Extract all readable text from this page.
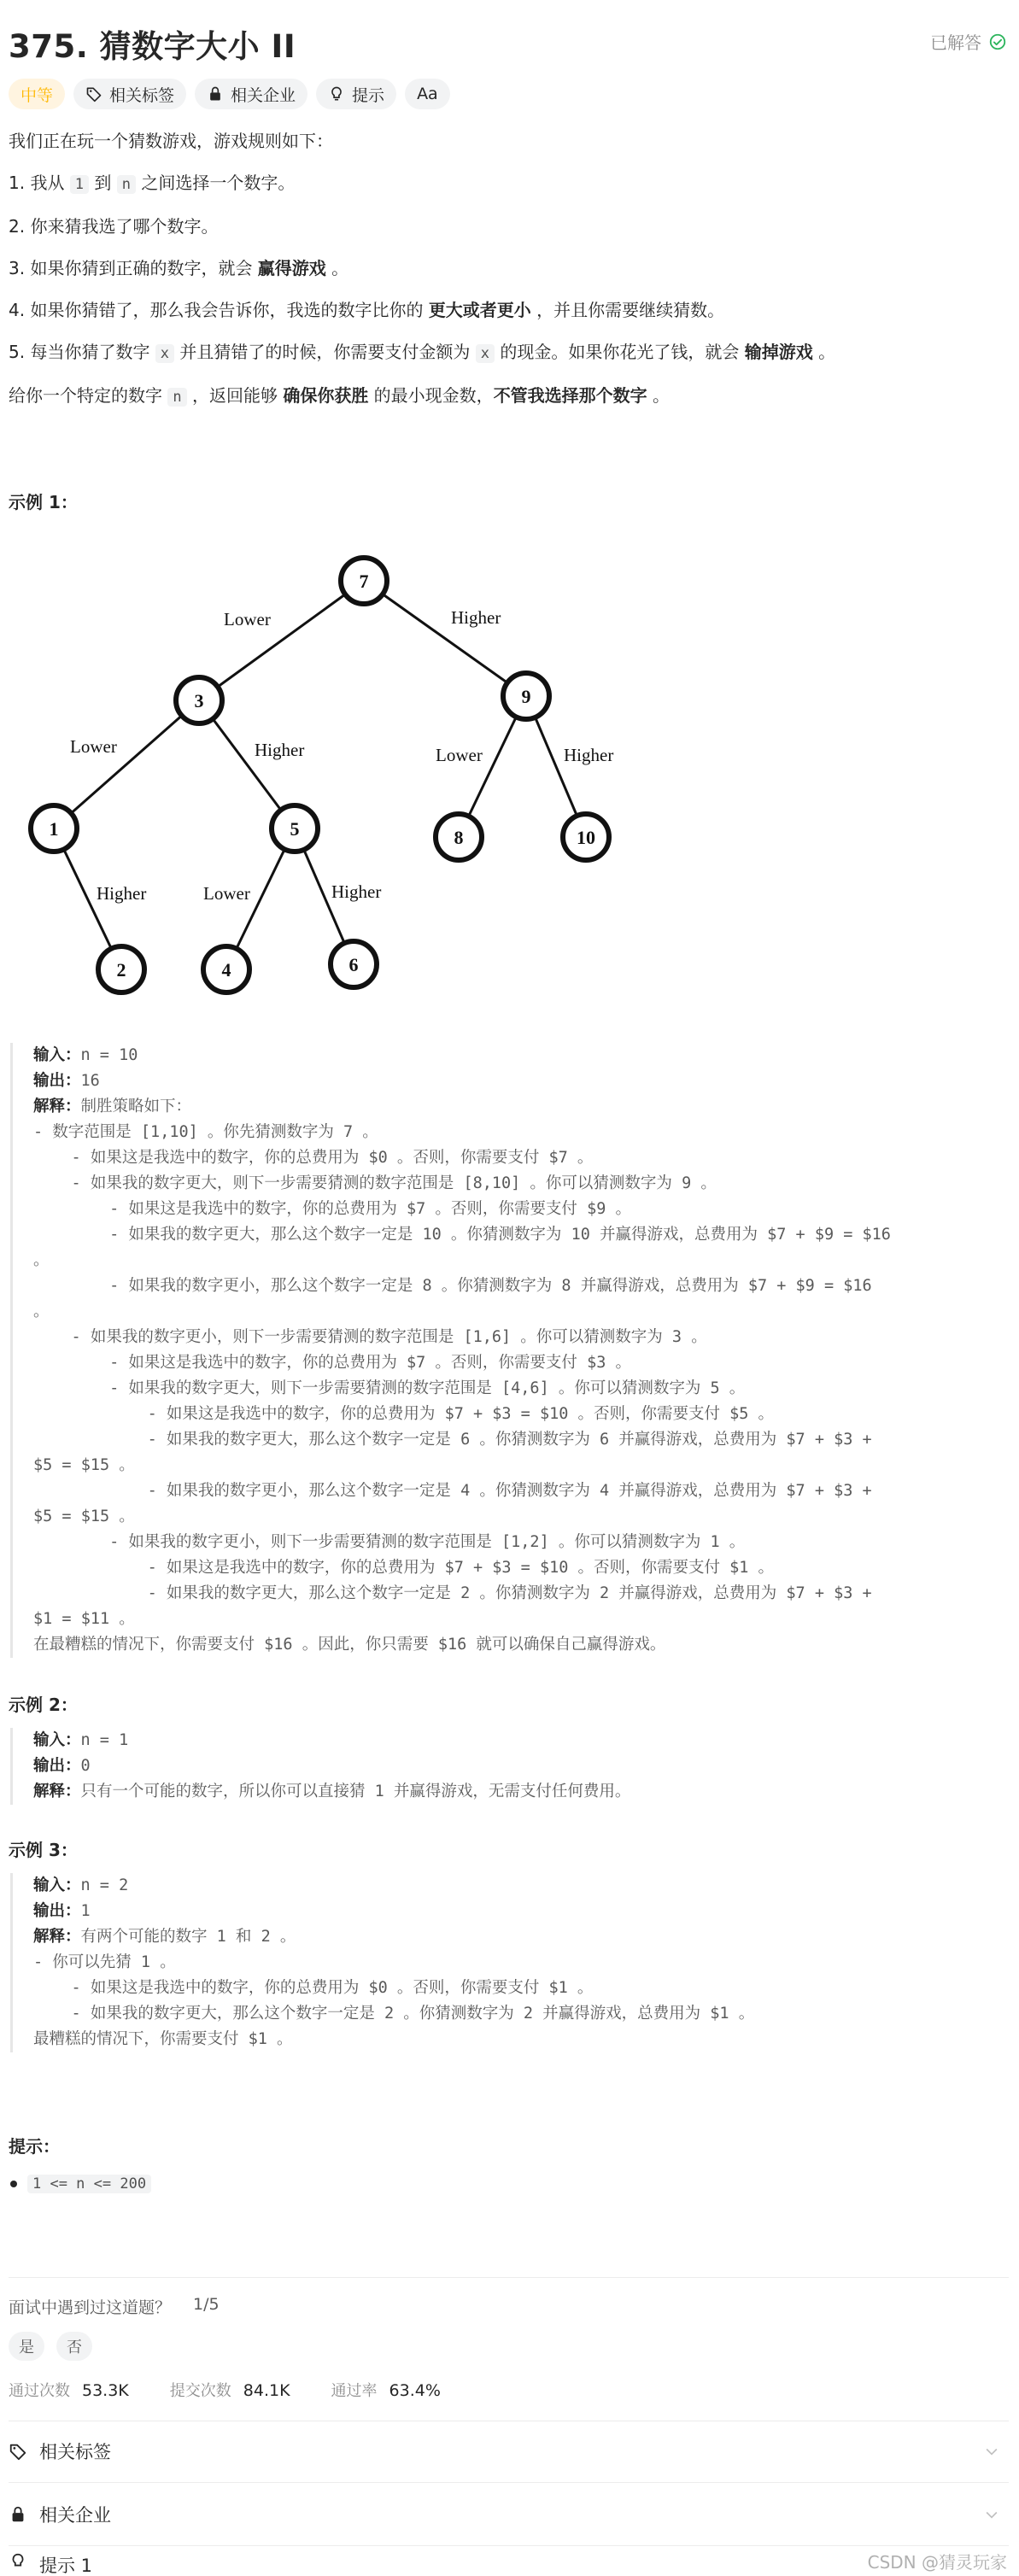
375. 猜数字大小 II	已解答
中等	相关标签	相关企业	提示	Aa

我们正在玩一个猜数游戏，游戏规则如下：

1. 我从 1 到 n 之间选择一个数字。

2. 你来猜我选了哪个数字。

3. 如果你猜到正确的数字，就会 赢得游戏 。

4. 如果你猜错了，那么我会告诉你，我选的数字比你的 更大或者更小 ，并且你需要继续猜数。

5. 每当你猜了数字 x 并且猜错了的时候，你需要支付金额为 x 的现金。如果你花光了钱，就会 输掉游戏 。

给你一个特定的数字 n ，返回能够 确保你获胜 的最小现金数，不管我选择那个数字 。

示例 1：
Lower	Higher
Lower	Higher	Lower	Higher
Higher	Lower	Higher
7
3	9
1	5	8	10
2	4	6
输入：n = 10
输出：16
解释：制胜策略如下：
- 数字范围是 [1,10] 。你先猜测数字为 7 。
- 如果这是我选中的数字，你的总费用为 $0 。否则，你需要支付 $7 。
- 如果我的数字更大，则下一步需要猜测的数字范围是 [8,10] 。你可以猜测数字为 9 。
- 如果这是我选中的数字，你的总费用为 $7 。否则，你需要支付 $9 。
- 如果我的数字更大，那么这个数字一定是 10 。你猜测数字为 10 并赢得游戏，总费用为 $7 + $9 = $16
。
- 如果我的数字更小，那么这个数字一定是 8 。你猜测数字为 8 并赢得游戏，总费用为 $7 + $9 = $16
。
- 如果我的数字更小，则下一步需要猜测的数字范围是 [1,6] 。你可以猜测数字为 3 。
- 如果这是我选中的数字，你的总费用为 $7 。否则，你需要支付 $3 。
- 如果我的数字更大，则下一步需要猜测的数字范围是 [4,6] 。你可以猜测数字为 5 。
- 如果这是我选中的数字，你的总费用为 $7 + $3 = $10 。否则，你需要支付 $5 。
- 如果我的数字更大，那么这个数字一定是 6 。你猜测数字为 6 并赢得游戏，总费用为 $7 + $3 +
$5 = $15 。
- 如果我的数字更小，那么这个数字一定是 4 。你猜测数字为 4 并赢得游戏，总费用为 $7 + $3 +
$5 = $15 。
- 如果我的数字更小，则下一步需要猜测的数字范围是 [1,2] 。你可以猜测数字为 1 。
- 如果这是我选中的数字，你的总费用为 $7 + $3 = $10 。否则，你需要支付 $1 。
- 如果我的数字更大，那么这个数字一定是 2 。你猜测数字为 2 并赢得游戏，总费用为 $7 + $3 +
$1 = $11 。
在最糟糕的情况下，你需要支付 $16 。因此，你只需要 $16 就可以确保自己赢得游戏。
示例 2：
输入：n = 1
输出：0
解释：只有一个可能的数字，所以你可以直接猜 1 并赢得游戏，无需支付任何费用。
示例 3：
输入：n = 2
输出：1
解释：有两个可能的数字 1 和 2 。
- 你可以先猜 1 。
- 如果这是我选中的数字，你的总费用为 $0 。否则，你需要支付 $1 。
- 如果我的数字更大，那么这个数字一定是 2 。你猜测数字为 2 并赢得游戏，总费用为 $1 。
最糟糕的情况下，你需要支付 $1 。
提示：
1 <= n <= 200
面试中遇到过这道题？ 1/5
是	否
通过次数 53.3K	提交次数 84.1K	通过率 63.4%
相关标签
相关企业
提示 1	CSDN @猜灵玩家
